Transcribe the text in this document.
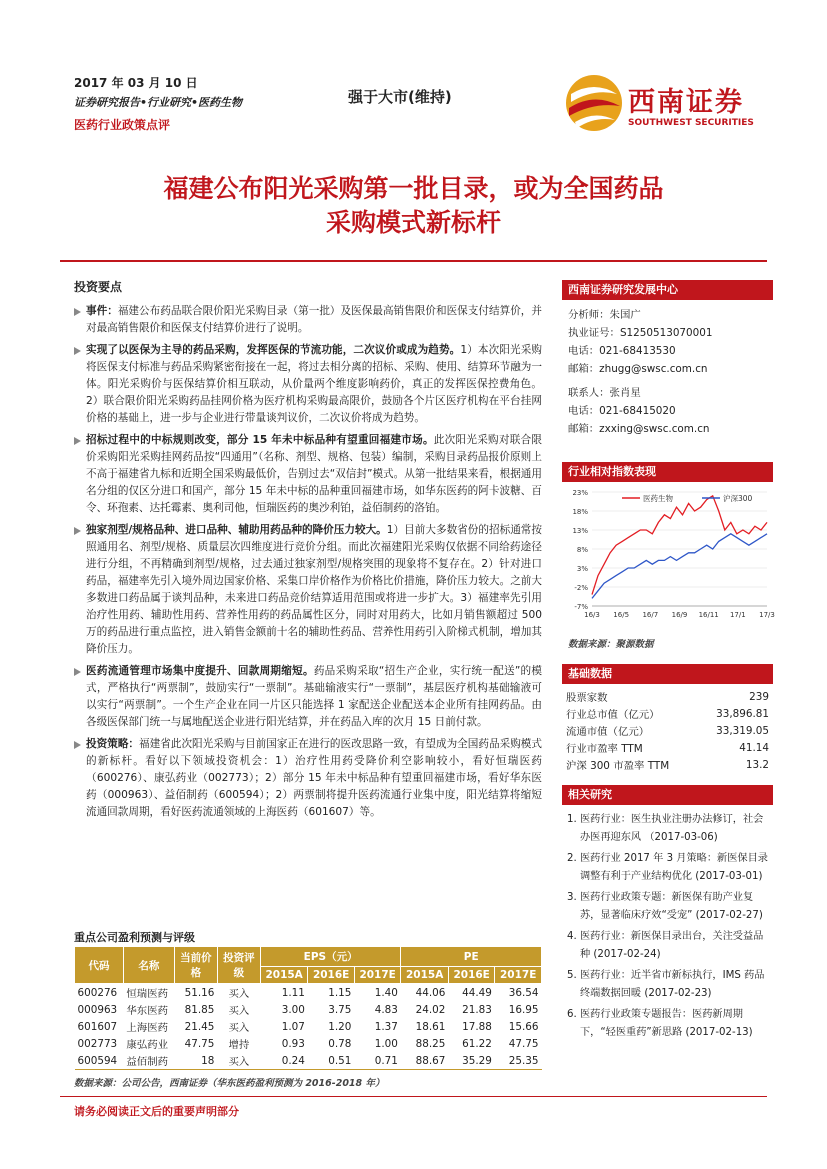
2017 年 03 月 10 日
证券研究报告•行业研究•医药生物
医药行业政策点评
强于大市(维持)	西南证券
SOUTHWEST SECURITIES
福建公布阳光采购第一批目录，或为全国药品
采购模式新标杆
投资要点
事件：福建公布药品联合限价阳光采购目录（第一批）及医保最高销售限价和医保支付结算价，并对最高销售限价和医保支付结算价进行了说明。
实现了以医保为主导的药品采购，发挥医保的节流功能，二次议价或成为趋势。1）本次阳光采购将医保支付标准与药品采购紧密衔接在一起，将过去相分离的招标、采购、使用、结算环节融为一体。阳光采购价与医保结算价相互联动，从价量两个维度影响药价，真正的发挥医保控费角色。2）联合限价阳光采购药品挂网价格为医疗机构采购最高限价，鼓励各个片区医疗机构在平台挂网价格的基础上，进一步与企业进行带量谈判议价，二次议价将成为趋势。
招标过程中的中标规则改变，部分 15 年未中标品种有望重回福建市场。此次阳光采购对联合限价采购阳光采购挂网药品按“四通用”（名称、剂型、规格、包装）编制，采购目录药品报价原则上不高于福建省九标和近期全国采购最低价，告别过去“双信封”模式。从第一批结果来看，根据通用名分组的仅区分进口和国产，部分 15 年未中标的品种重回福建市场，如华东医药的阿卡波糖、百令、环孢素、达托霉素、奥利司他，恒瑞医药的奥沙利铂，益佰制药的洛铂。
独家剂型/规格品种、进口品种、辅助用药品种的降价压力较大。1）目前大多数省份的招标通常按照通用名、剂型/规格、质量层次四维度进行竞价分组。而此次福建阳光采购仅依据不同给药途径进行分组，不再精确到剂型/规格，过去通过独家剂型/规格突围的现象将不复存在。2）针对进口药品，福建率先引入境外周边国家价格、采集口岸价格作为价格比价措施，降价压力较大。之前大多数进口药品属于谈判品种，未来进口药品竞价结算适用范围或将进一步扩大。3）福建率先引用治疗性用药、辅助性用药、营养性用药的药品属性区分，同时对用药大，比如月销售额超过 500 万的药品进行重点监控，进入销售金额前十名的辅助性药品、营养性用药引入阶梯式机制，增加其降价压力。
医药流通管理市场集中度提升、回款周期缩短。药品采购采取“招生产企业，实行统一配送”的模式，严格执行“两票制”，鼓励实行“一票制”。基础输液实行“一票制”，基层医疗机构基础输液可以实行“两票制”。一个生产企业在同一片区只能选择 1 家配送企业配送本企业所有挂网药品。由各级医保部门统一与属地配送企业进行阳光结算，并在药品入库的次月 15 日前付款。
投资策略：福建省此次阳光采购与目前国家正在进行的医改思路一致，有望成为全国药品采购模式的新标杆。看好以下领域投资机会：1）治疗性用药受降价利空影响较小，看好恒瑞医药（600276）、康弘药业（002773）；2）部分 15 年未中标品种有望重回福建市场，看好华东医药（000963）、益佰制药（600594）；2）两票制将提升医药流通行业集中度，阳光结算将缩短流通回款周期，看好医药流通领域的上海医药（601607）等。
西南证券研究发展中心
分析师：朱国广
执业证号：S1250513070001
电话：021-68413530
邮箱：zhugg@swsc.com.cn
联系人：张肖星
电话：021-68415020
邮箱：zxxing@swsc.com.cn
行业相对指数表现
23%
18%
13%
8%
3%
-2%
-7%
16/3 16/5 16/7 16/9 16/11 17/1 17/3
医药生物	沪深300
数据来源：聚源数据
基础数据
股票家数	239
行业总市值（亿元）	33,896.81
流通市值（亿元）	33,319.05
行业市盈率 TTM	41.14
沪深 300 市盈率 TTM	13.2
相关研究
1. 医药行业：医生执业注册办法修订，社会办医再迎东风 （2017-03-06)
2. 医药行业 2017 年 3 月策略：新医保目录调整有利于产业结构优化 (2017-03-01)
3. 医药行业政策专题：新医保有助产业复苏，显著临床疗效“受宠” (2017-02-27)
4. 医药行业：新医保目录出台，关注受益品种 (2017-02-24)
5. 医药行业：近半省市新标执行，IMS 药品终端数据回暖 (2017-02-23)
6. 医药行业政策专题报告：医药新周期下，“轻医重药”新思路 (2017-02-13)
重点公司盈利预测与评级
代码	名称	当前价格	投资评级	EPS（元）			PE		
				2015A	2016E	2017E	2015A	2016E	2017E
600276	恒瑞医药	51.16	买入	1.11	1.15	1.40	44.06	44.49	36.54
000963	华东医药	81.85	买入	3.00	3.75	4.83	24.02	21.83	16.95
601607	上海医药	21.45	买入	1.07	1.20	1.37	18.61	17.88	15.66
002773	康弘药业	47.75	增持	0.93	0.78	1.00	88.25	61.22	47.75
600594	益佰制药	18	买入	0.24	0.51	0.71	88.67	35.29	25.35
数据来源：公司公告，西南证券（华东医药盈利预测为 2016-2018 年）
请务必阅读正文后的重要声明部分
